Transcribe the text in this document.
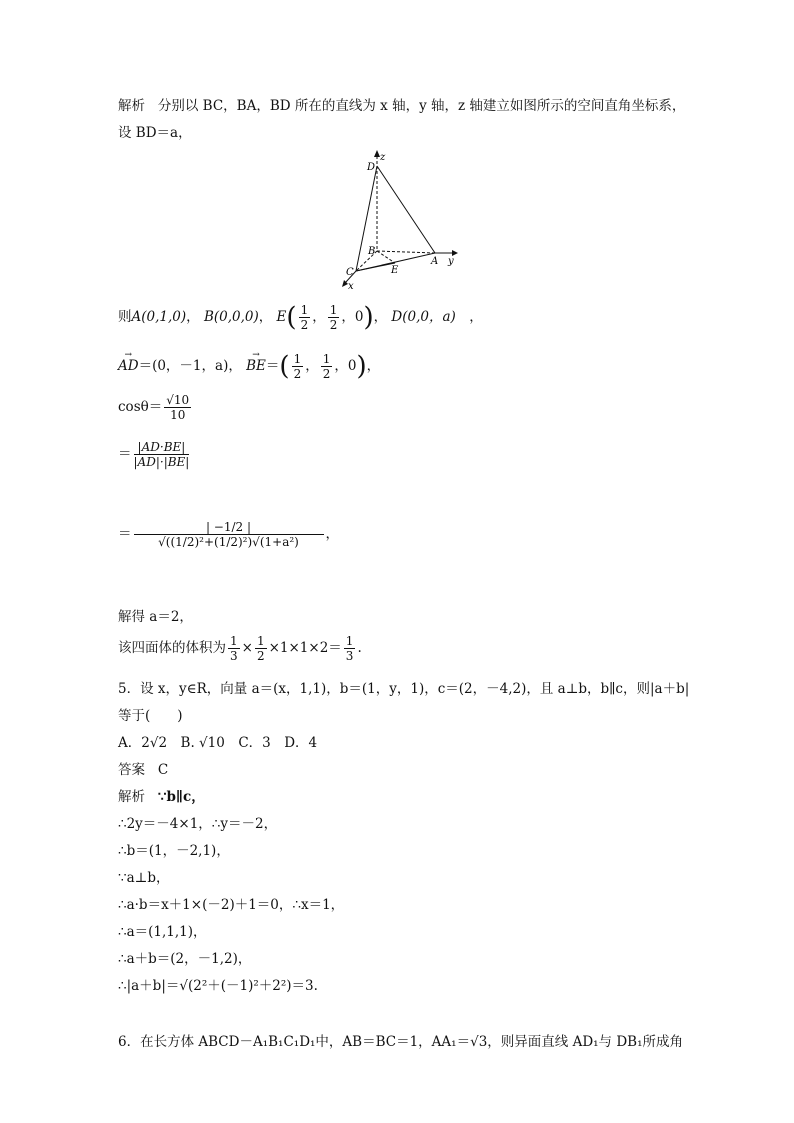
解析 分别以 BC，BA，BD 所在的直线为 x 轴，y 轴，z 轴建立如图所示的空间直角坐标系，
设 BD＝a，
D
z
B
C	E
A y
x
则A(0,1,0)， B(0,0,0)， $E( \frac{1}{2}$ ， $\frac{1}{2}$ ，0)， D(0,0，a)　，
→ AD＝(0，－1，a)， → $BE=( \frac{1}{2}$ ， $\frac{1}{2}$ ，0)，
$\cos\theta= \frac{√10}{10}$
＝ $\frac{|AD\cdot BE|}{|AD|\cdot|BE|}$
＝ $\frac{| -1/2 |}{\text{√((1/2)²+(1/2)²)√(1+a²)}}$ ，
解得 a＝2，
该四面体的体积为 $\frac{1}{3} \times \frac{1}{2} \times 1\times 1\times 2= \frac{1}{3}$ .
5．设 x，y∈R，向量 a＝(x，1,1)，b＝(1，y，1)，c＝(2，－4,2)，且 a⊥b，b∥c，则|a＋b|
等于(　　)
A．2√2　B. √10　C．3　D．4
答案 C
解析 ∵b∥c，
∴2y＝－4×1，∴y＝－2，
∴b＝(1，－2,1)，
∵a⊥b，
∴a·b＝x＋1×(－2)＋1＝0，∴x＝1，
∴a＝(1,1,1)，
∴a＋b＝(2，－1,2)，
∴|a＋b|＝√(2²＋(－1)²＋2²)＝3.
6．在长方体 ABCD－A₁B₁C₁D₁中，AB＝BC＝1，AA₁＝√3，则异面直线 AD₁与 DB₁所成角
